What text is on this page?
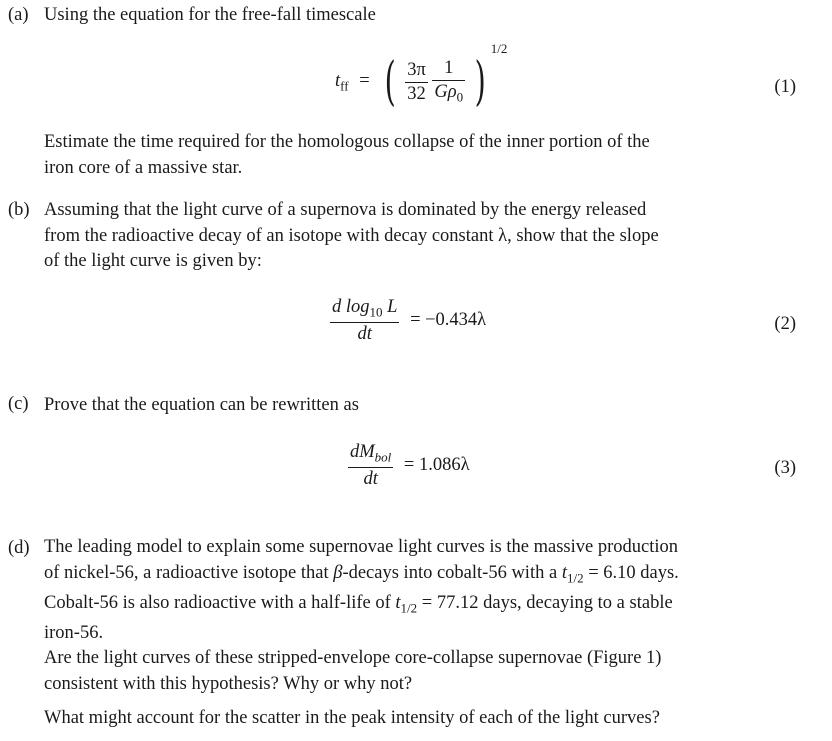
(a) Using the equation for the free-fall timescale
$t_{ff}$ = ( $\frac{3\pi}{32}$
$\frac{1}{G\rho_0}$ ) $^{1/2}$
(1)
Estimate the time required for the homologous collapse of the inner portion of the
iron core of a massive star.
(b) Assuming that the light curve of a supernova is dominated by the energy released
from the radioactive decay of an isotope with decay constant λ, show that the slope
of the light curve is given by:
$\frac{d \log_{10} L}{dt} = -0.434\lambda$	(2)
(c) Prove that the equation can be rewritten as
$\frac{dM_{bol}}{dt} = 1.086\lambda$	(3)
(d) The leading model to explain some supernovae light curves is the massive production
of nickel-56, a radioactive isotope that β-decays into cobalt-56 with a $t_{1/2} = 6.10$ days.
Cobalt-56 is also radioactive with a half-life of $t_{1/2} = 77.12$ days, decaying to a stable
iron-56.
Are the light curves of these stripped-envelope core-collapse supernovae (Figure 1)
consistent with this hypothesis? Why or why not?
What might account for the scatter in the peak intensity of each of the light curves?
